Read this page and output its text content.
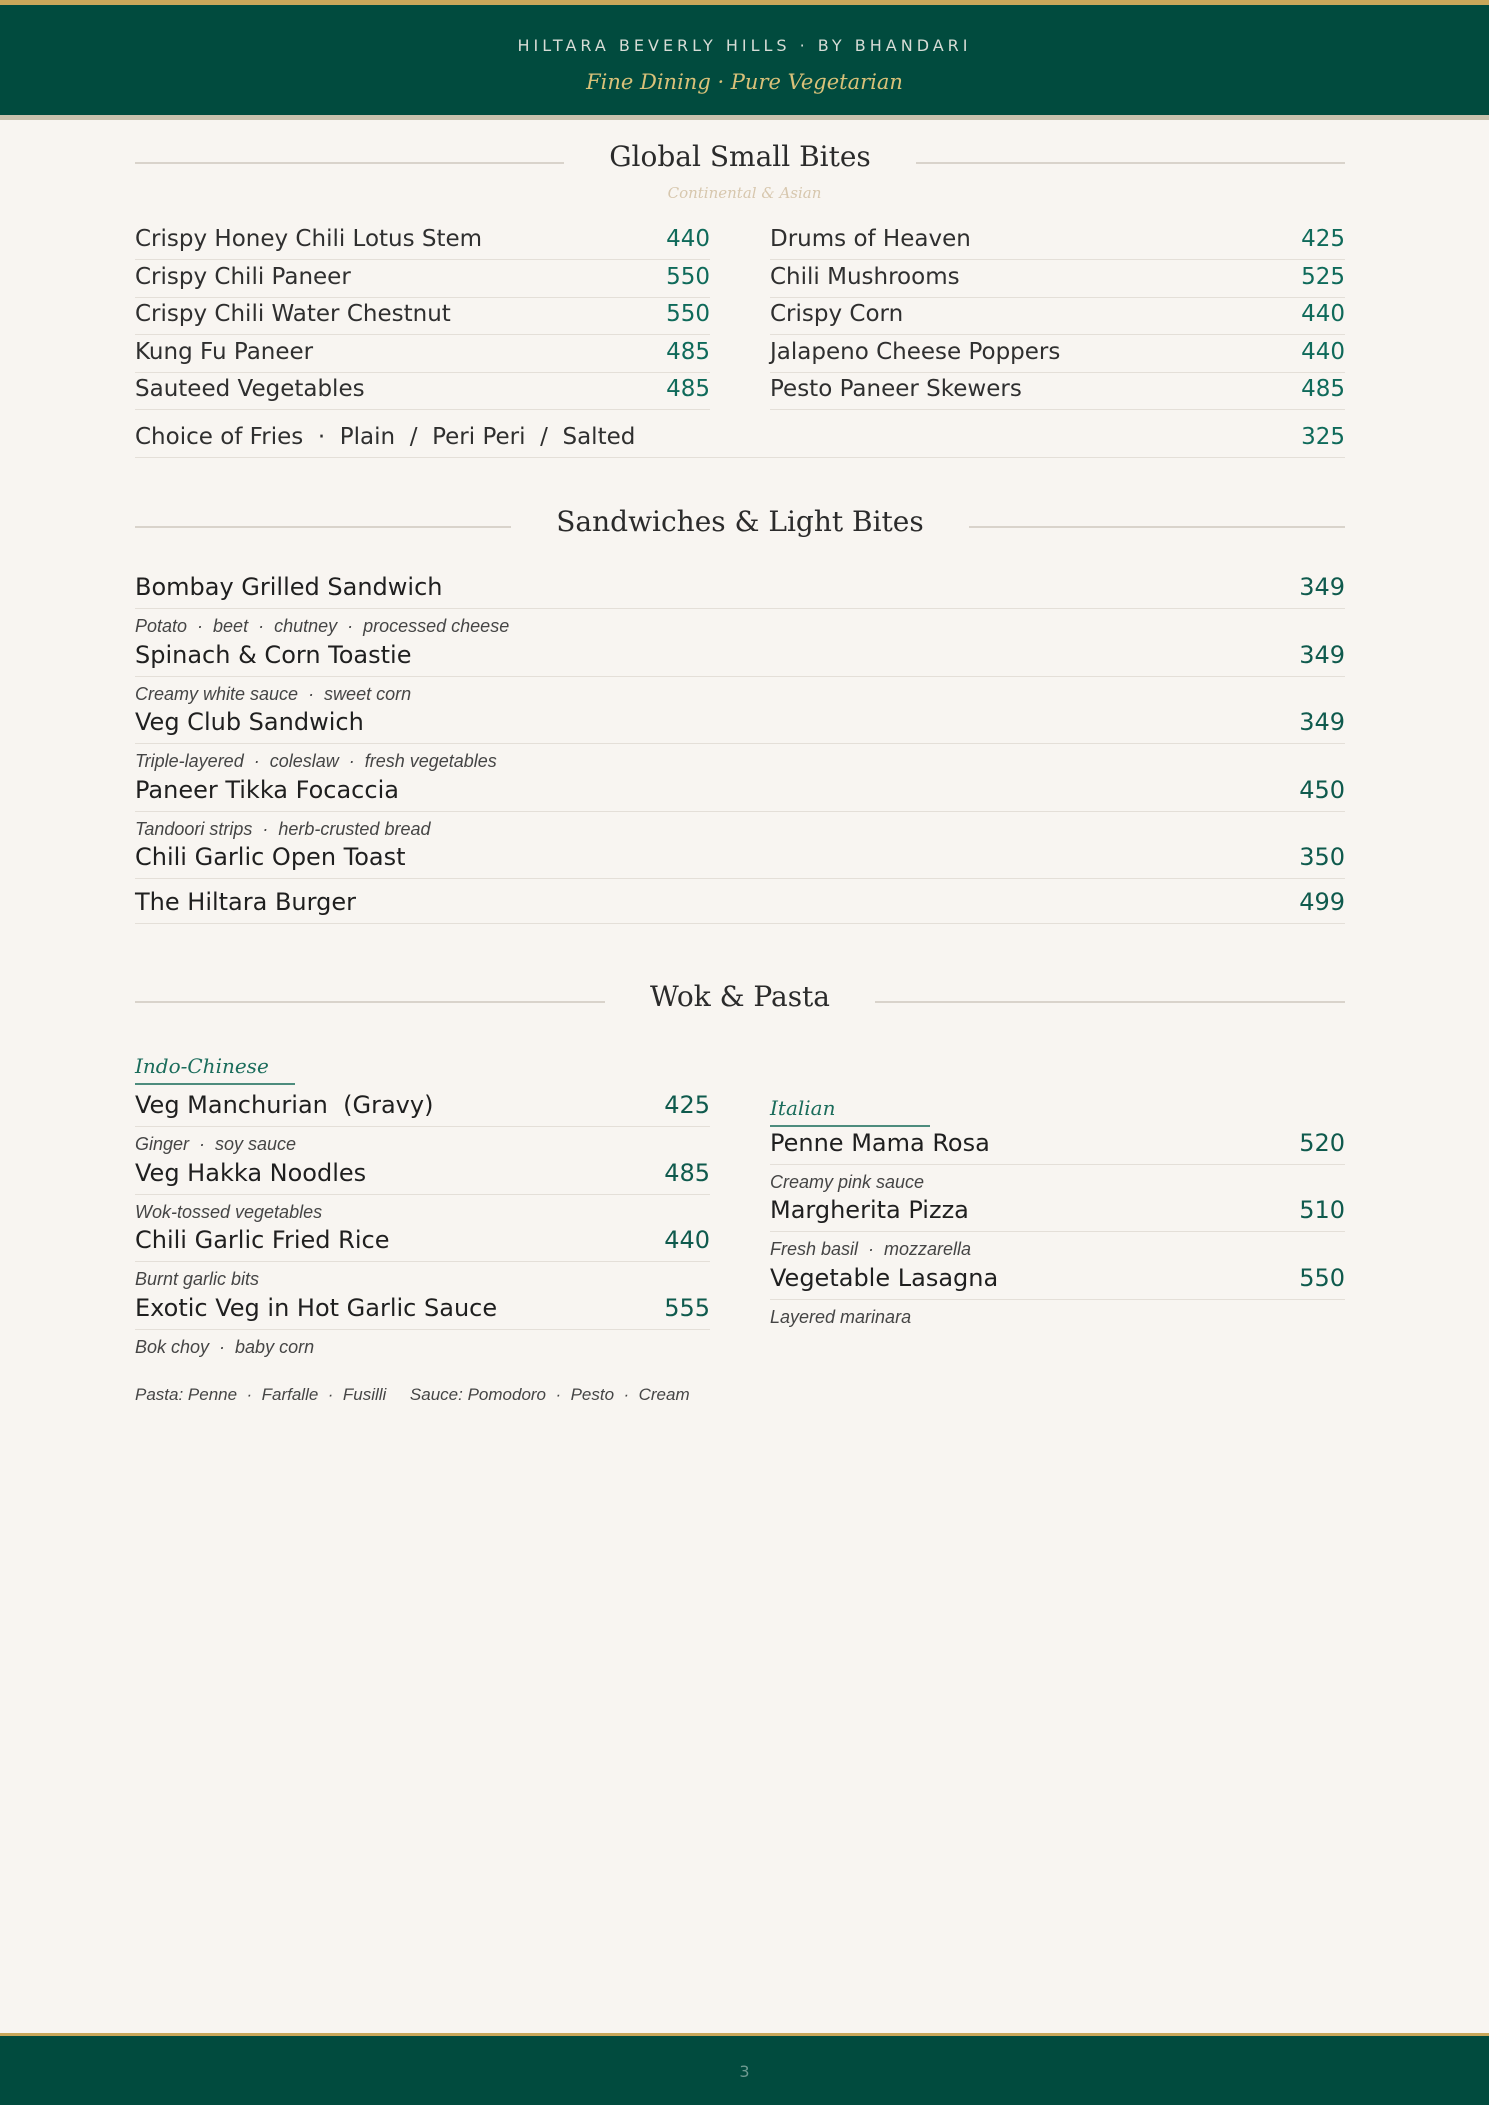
HILTARA BEVERLY HILLS · BY BHANDARI
Fine Dining · Pure Vegetarian
Global Small Bites
Continental & Asian
Crispy Honey Chili Lotus Stem	440
Crispy Chili Paneer	550
Crispy Chili Water Chestnut	550
Kung Fu Paneer	485
Sauteed Vegetables	485
Drums of Heaven	425
Chili Mushrooms	525
Crispy Corn	440
Jalapeno Cheese Poppers	440
Pesto Paneer Skewers	485
Choice of Fries  ·  Plain  /  Peri Peri  /  Salted	325
Sandwiches & Light Bites
Bombay Grilled Sandwich	349
Potato  ·  beet  ·  chutney  ·  processed cheese
Spinach & Corn Toastie	349
Creamy white sauce  ·  sweet corn
Veg Club Sandwich	349
Triple-layered  ·  coleslaw  ·  fresh vegetables
Paneer Tikka Focaccia	450
Tandoori strips  ·  herb-crusted bread
Chili Garlic Open Toast	350
The Hiltara Burger	499
Wok & Pasta
Indo-Chinese
Veg Manchurian  (Gravy)	425
Ginger  ·  soy sauce
Veg Hakka Noodles	485
Wok-tossed vegetables
Chili Garlic Fried Rice	440
Burnt garlic bits
Exotic Veg in Hot Garlic Sauce	555
Bok choy  ·  baby corn
Pasta: Penne  ·  Farfalle  ·  Fusilli     Sauce: Pomodoro  ·  Pesto  ·  Cream
Italian
Penne Mama Rosa	520
Creamy pink sauce
Margherita Pizza	510
Fresh basil  ·  mozzarella
Vegetable Lasagna	550
Layered marinara
3
